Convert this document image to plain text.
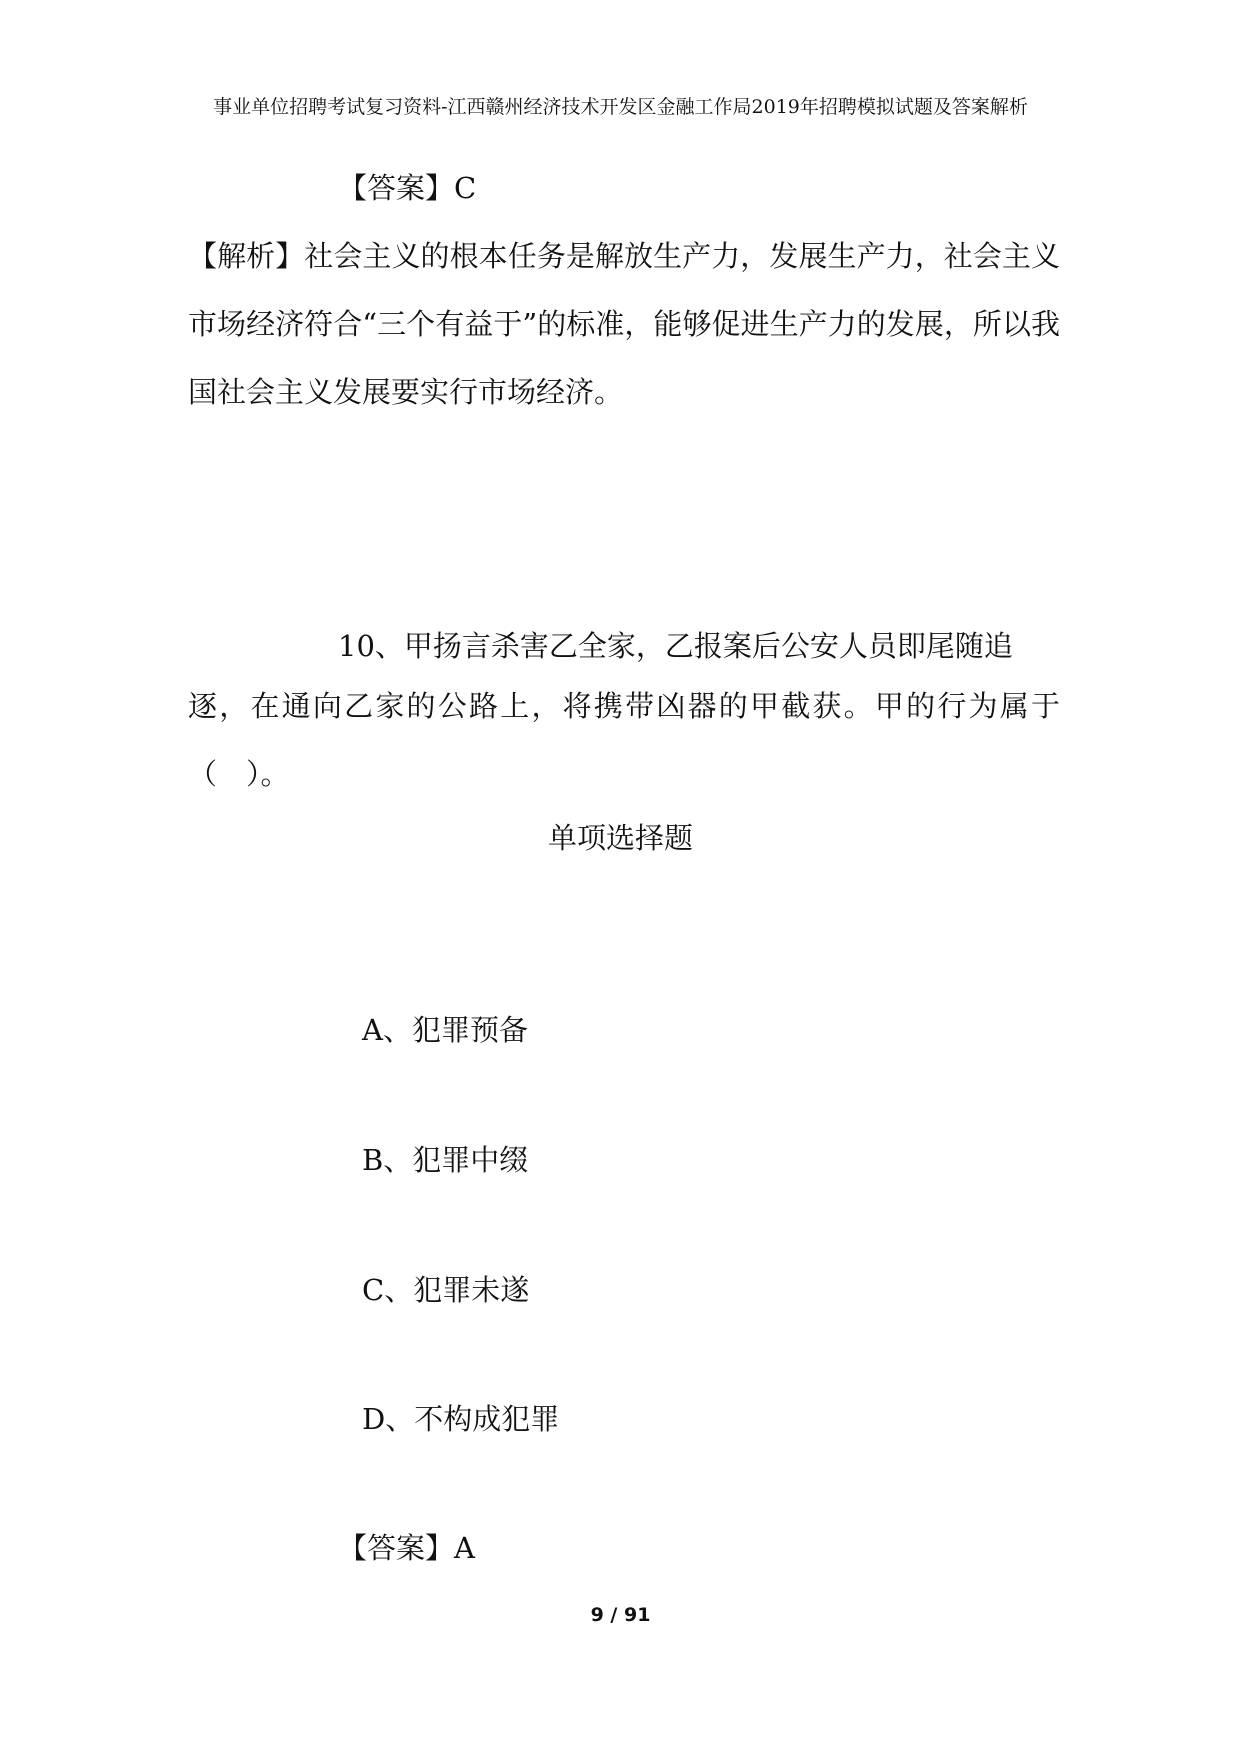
事业单位招聘考试复习资料-江西赣州经济技术开发区金融工作局2019年招聘模拟试题及答案解析
【答案】C
【解析】社会主义的根本任务是解放生产力，发展生产力，社会主义市场经济符合“三个有益于”的标准，能够促进生产力的发展，所以我国社会主义发展要实行市场经济。
10、甲扬言杀害乙全家，乙报案后公安人员即尾随追
逐，在通向乙家的公路上，将携带凶器的甲截获。甲的行为属于（　）。
单项选择题
A、犯罪预备
B、犯罪中缀
C、犯罪未遂
D、不构成犯罪
【答案】A
9 / 91
